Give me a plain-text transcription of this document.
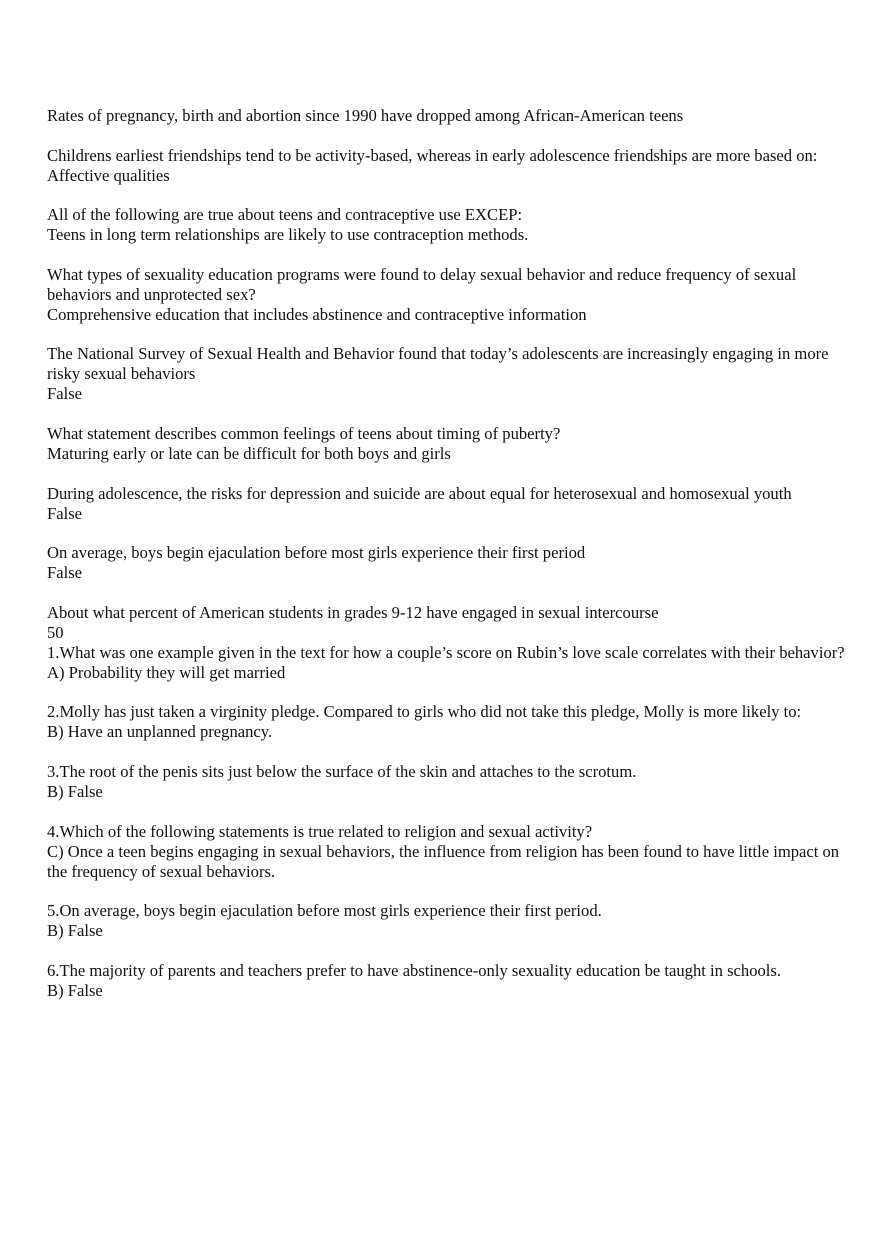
Rates of pregnancy, birth and abortion since 1990 have dropped among African-American teens
Childrens earliest friendships tend to be activity-based, whereas in early adolescence friendships are more based on:
Affective qualities
All of the following are true about teens and contraceptive use EXCEP:
Teens in long term relationships are likely to use contraception methods.
What types of sexuality education programs were found to delay sexual behavior and reduce frequency of sexual behaviors and unprotected sex?
Comprehensive education that includes abstinence and contraceptive information
The National Survey of Sexual Health and Behavior found that today’s adolescents are increasingly engaging in more risky sexual behaviors
False
What statement describes common feelings of teens about timing of puberty?
Maturing early or late can be difficult for both boys and girls
During adolescence, the risks for depression and suicide are about equal for heterosexual and homosexual youth
False
On average, boys begin ejaculation before most girls experience their first period
False
About what percent of American students in grades 9-12 have engaged in sexual intercourse
50
1.What was one example given in the text for how a couple’s score on Rubin’s love scale correlates with their behavior?
A) Probability they will get married
2.Molly has just taken a virginity pledge. Compared to girls who did not take this pledge, Molly is more likely to:
B) Have an unplanned pregnancy.
3.The root of the penis sits just below the surface of the skin and attaches to the scrotum.
B) False
4.Which of the following statements is true related to religion and sexual activity?
C) Once a teen begins engaging in sexual behaviors, the influence from religion has been found to have little impact on the frequency of sexual behaviors.
5.On average, boys begin ejaculation before most girls experience their first period.
B) False
6.The majority of parents and teachers prefer to have abstinence-only sexuality education be taught in schools.
B) False
